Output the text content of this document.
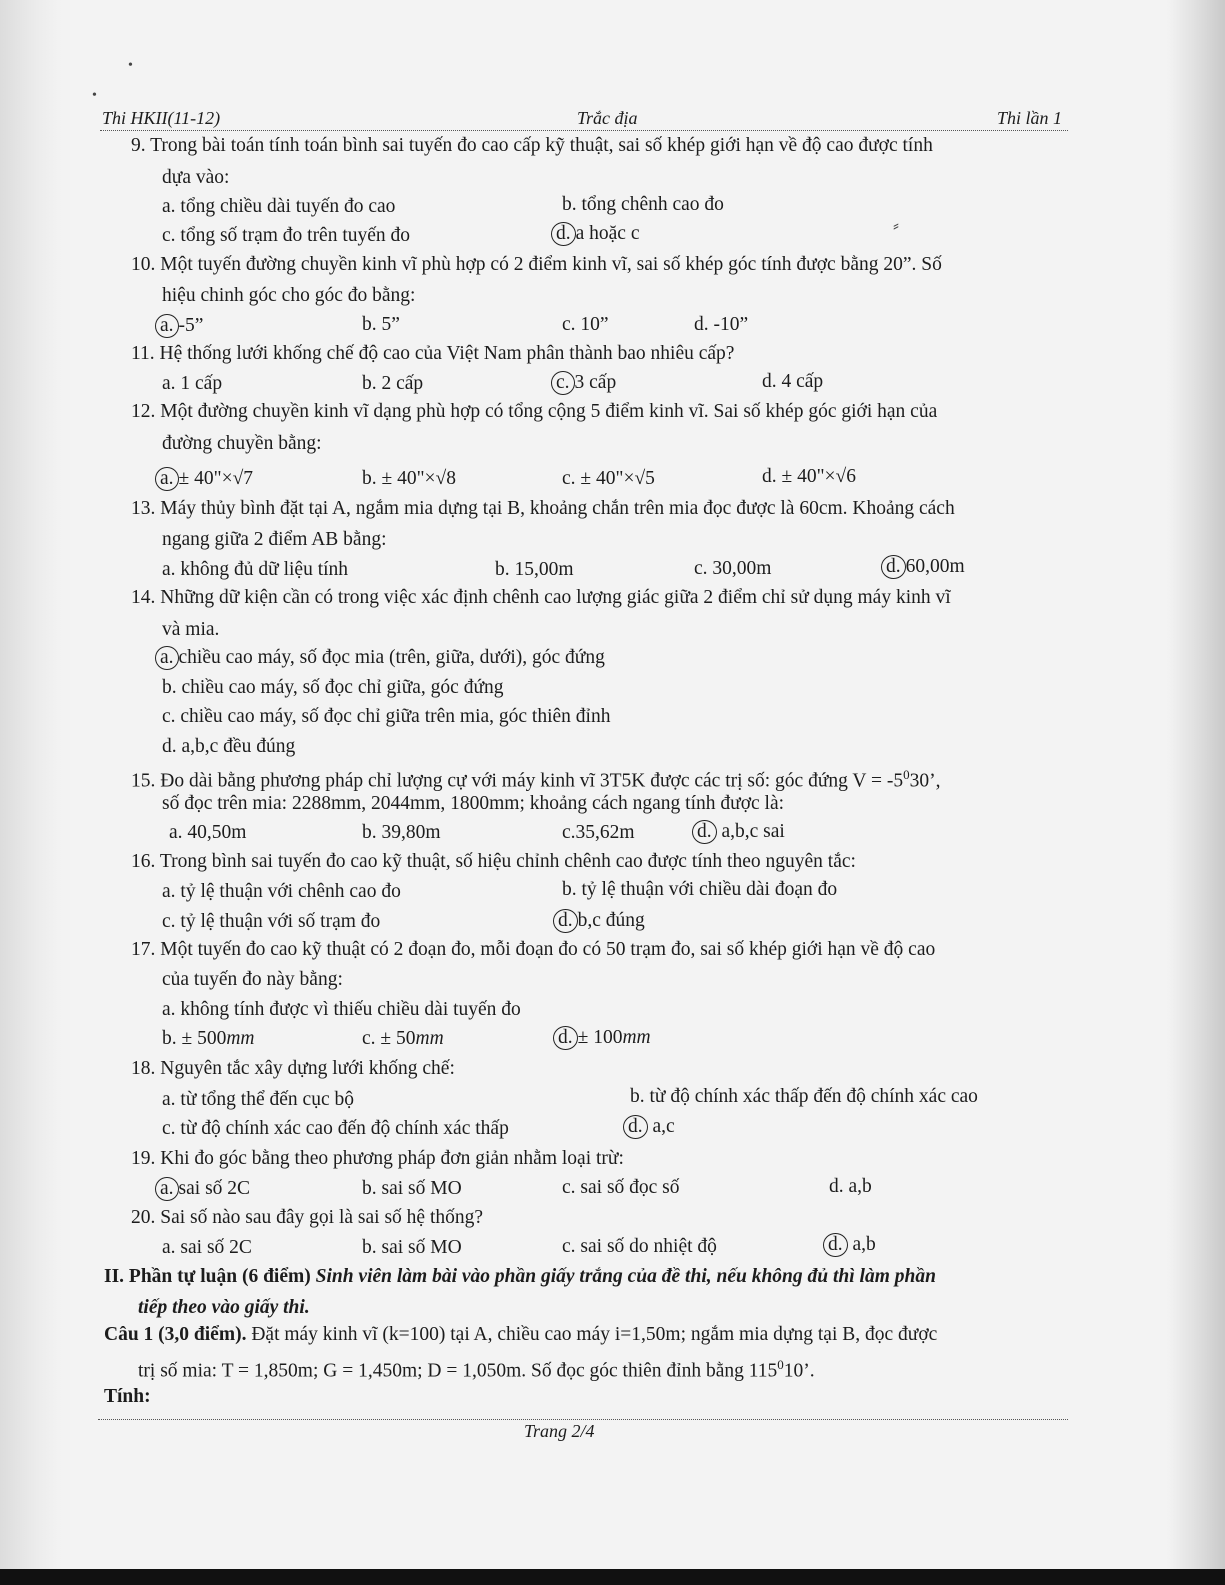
Thi HKII(11-12)	Trắc địa	Thi lần 1
9. Trong bài toán tính toán bình sai tuyến đo cao cấp kỹ thuật, sai số khép giới hạn về độ cao được tính
dựa vào:
a. tổng chiều dài tuyến đo cao	b. tổng chênh cao đo
c. tổng số trạm đo trên tuyến đo	d. a hoặc c
10. Một tuyến đường chuyền kinh vĩ phù hợp có 2 điểm kinh vĩ, sai số khép góc tính được bằng 20”. Số
hiệu chinh góc cho góc đo bằng:
a. -5”	b. 5”	c. 10”	d. -10”
11. Hệ thống lưới khống chế độ cao của Việt Nam phân thành bao nhiêu cấp?
a. 1 cấp	b. 2 cấp	c. 3 cấp	d. 4 cấp
12. Một đường chuyền kinh vĩ dạng phù hợp có tổng cộng 5 điểm kinh vĩ. Sai số khép góc giới hạn của
đường chuyền bằng:
a. ± 40"×√7	b. ± 40"×√8	c. ± 40"×√5	d. ± 40"×√6
13. Máy thủy bình đặt tại A, ngắm mia dựng tại B, khoảng chắn trên mia đọc được là 60cm. Khoảng cách
ngang giữa 2 điểm AB bằng:
a. không đủ dữ liệu tính	b. 15,00m	c. 30,00m	d. 60,00m
14. Những dữ kiện cần có trong việc xác định chênh cao lượng giác giữa 2 điểm chỉ sử dụng máy kinh vĩ
và mia.
a. chiều cao máy, số đọc mia (trên, giữa, dưới), góc đứng
b. chiều cao máy, số đọc chỉ giữa, góc đứng
c. chiều cao máy, số đọc chỉ giữa trên mia, góc thiên đỉnh
d. a,b,c đều đúng
15. Đo dài bằng phương pháp chỉ lượng cự với máy kinh vĩ 3T5K được các trị số: góc đứng $V = -5^030$’,
số đọc trên mia: 2288mm, 2044mm, 1800mm; khoảng cách ngang tính được là:
a. 40,50m	b. 39,80m	c.35,62m	d. a,b,c sai
16. Trong bình sai tuyến đo cao kỹ thuật, số hiệu chỉnh chênh cao được tính theo nguyên tắc:
a. tỷ lệ thuận với chênh cao đo	b. tỷ lệ thuận với chiều dài đoạn đo
c. tỷ lệ thuận với số trạm đo	d. b,c đúng
17. Một tuyến đo cao kỹ thuật có 2 đoạn đo, mỗi đoạn đo có 50 trạm đo, sai số khép giới hạn về độ cao
của tuyến đo này bằng:
a. không tính được vì thiếu chiều dài tuyến đo
b. ± 500mm	c. ± 50mm	d. ± 100mm
18. Nguyên tắc xây dựng lưới khống chế:
a. từ tổng thể đến cục bộ	b. từ độ chính xác thấp đến độ chính xác cao
c. từ độ chính xác cao đến độ chính xác thấp	d. a,c
19. Khi đo góc bằng theo phương pháp đơn giản nhằm loại trừ:
a. sai số 2C	b. sai số MO	c. sai số đọc số	d. a,b
20. Sai số nào sau đây gọi là sai số hệ thống?
a. sai số 2C	b. sai số MO	c. sai số do nhiệt độ	d. a,b
II. Phần tự luận (6 điểm) Sinh viên làm bài vào phần giấy trắng của đề thi, nếu không đủ thì làm phần
tiếp theo vào giấy thi.
Câu 1 (3,0 điểm). Đặt máy kinh vĩ (k=100) tại A, chiều cao máy i=1,50m; ngắm mia dựng tại B, đọc được
trị số mia: T = 1,850m; G = 1,450m; D = 1,050m. Số đọc góc thiên đỉnh bằng $115^010$’.
Tính:
Trang 2/4
•
•
⸗
